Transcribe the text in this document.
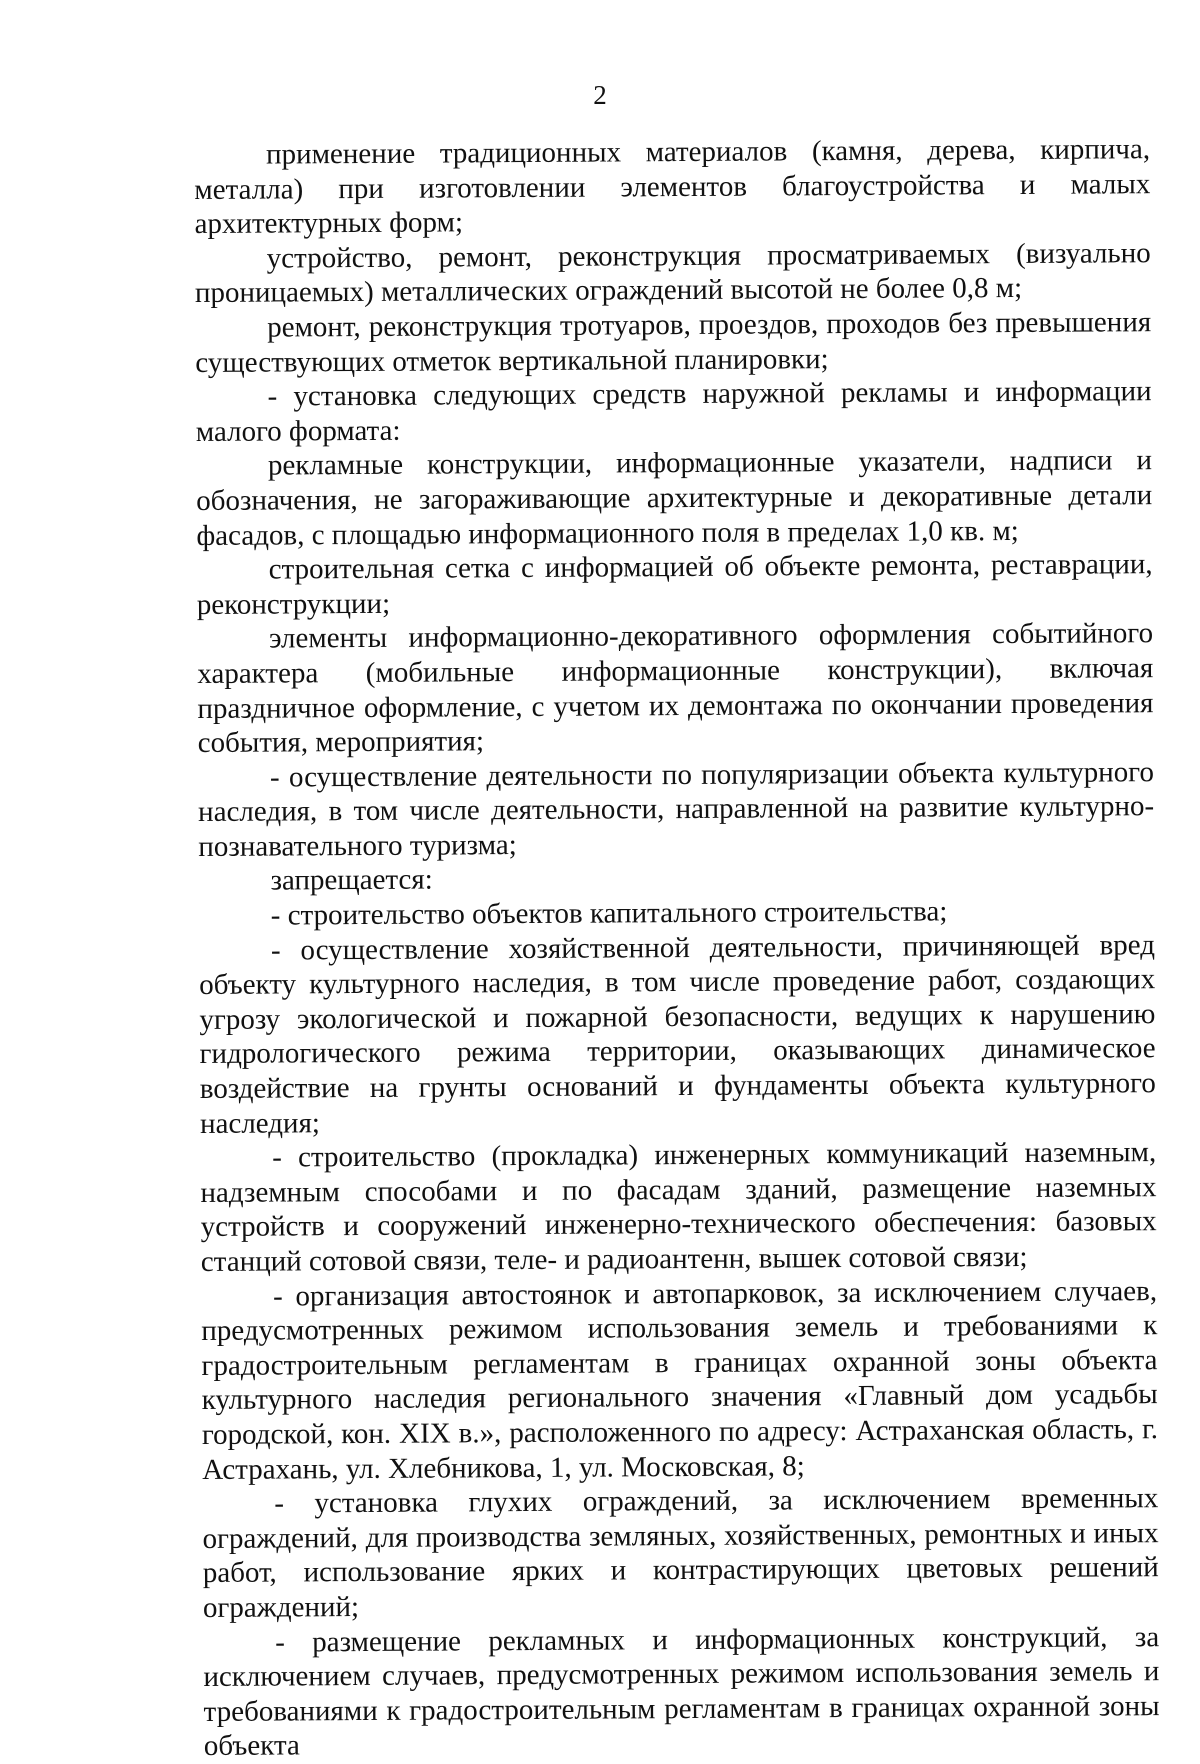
2

применение традиционных материалов (камня, дерева, кирпича, металла) при изготовлении элементов благоустройства и малых архитектурных форм;

устройство, ремонт, реконструкция просматриваемых (визуально проницаемых) металлических ограждений высотой не более 0,8 м;

ремонт, реконструкция тротуаров, проездов, проходов без превышения существующих отметок вертикальной планировки;

- установка следующих средств наружной рекламы и информации малого формата:

рекламные конструкции, информационные указатели, надписи и обозначения, не загораживающие архитектурные и декоративные детали фасадов, с площадью информационного поля в пределах 1,0 кв. м;

строительная сетка с информацией об объекте ремонта, реставрации, реконструкции;

элементы информационно-декоративного оформления событийного характера (мобильные информационные конструкции), включая праздничное оформление, с учетом их демонтажа по окончании проведения события, мероприятия;

- осуществление деятельности по популяризации объекта культурного наследия, в том числе деятельности, направленной на развитие культурно-познавательного туризма;

запрещается:

- строительство объектов капитального строительства;

- осуществление хозяйственной деятельности, причиняющей вред объекту культурного наследия, в том числе проведение работ, создающих угрозу экологической и пожарной безопасности, ведущих к нарушению гидрологического режима территории, оказывающих динамическое воздействие на грунты оснований и фундаменты объекта культурного наследия;

- строительство (прокладка) инженерных коммуникаций наземным, надземным способами и по фасадам зданий, размещение наземных устройств и сооружений инженерно-технического обеспечения: базовых станций сотовой связи, теле- и радиоантенн, вышек сотовой связи;

- организация автостоянок и автопарковок, за исключением случаев, предусмотренных режимом использования земель и требованиями к градостроительным регламентам в границах охранной зоны объекта культурного наследия регионального значения «Главный дом усадьбы городской, кон. XIX в.», расположенного по адресу: Астраханская область, г. Астрахань, ул. Хлебникова, 1, ул. Московская, 8;

- установка глухих ограждений, за исключением временных ограждений, для производства земляных, хозяйственных, ремонтных и иных работ, использование ярких и контрастирующих цветовых решений ограждений;

- размещение рекламных и информационных конструкций, за исключением случаев, предусмотренных режимом использования земель и требованиями к градостроительным регламентам в границах охранной зоны объекта
